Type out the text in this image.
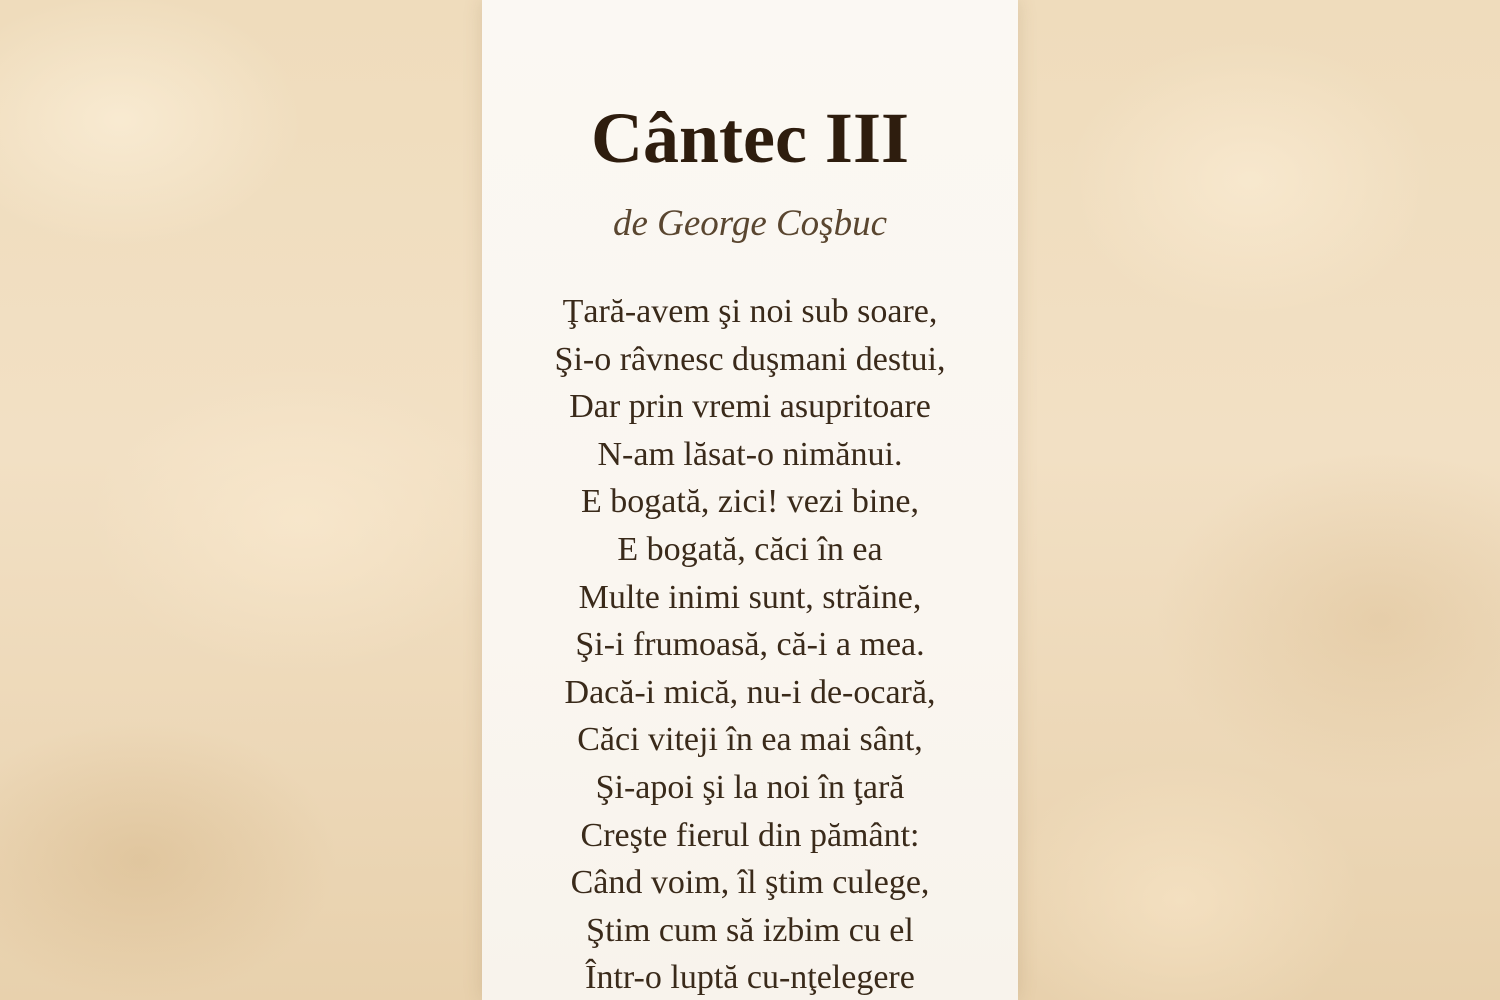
Cântec III

de George Coşbuc

Ţară-avem şi noi sub soare,
Şi-o râvnesc duşmani destui,
Dar prin vremi asupritoare
N-am lăsat-o nimănui.
E bogată, zici! vezi bine,
E bogată, căci în ea
Multe inimi sunt, străine,
Şi-i frumoasă, că-i a mea.
Dacă-i mică, nu-i de-ocară,
Căci viteji în ea mai sânt,
Şi-apoi şi la noi în ţară
Creşte fierul din pământ:
Când voim, îl ştim culege,
Ştim cum să izbim cu el
Într-o luptă cu-nţelegere
